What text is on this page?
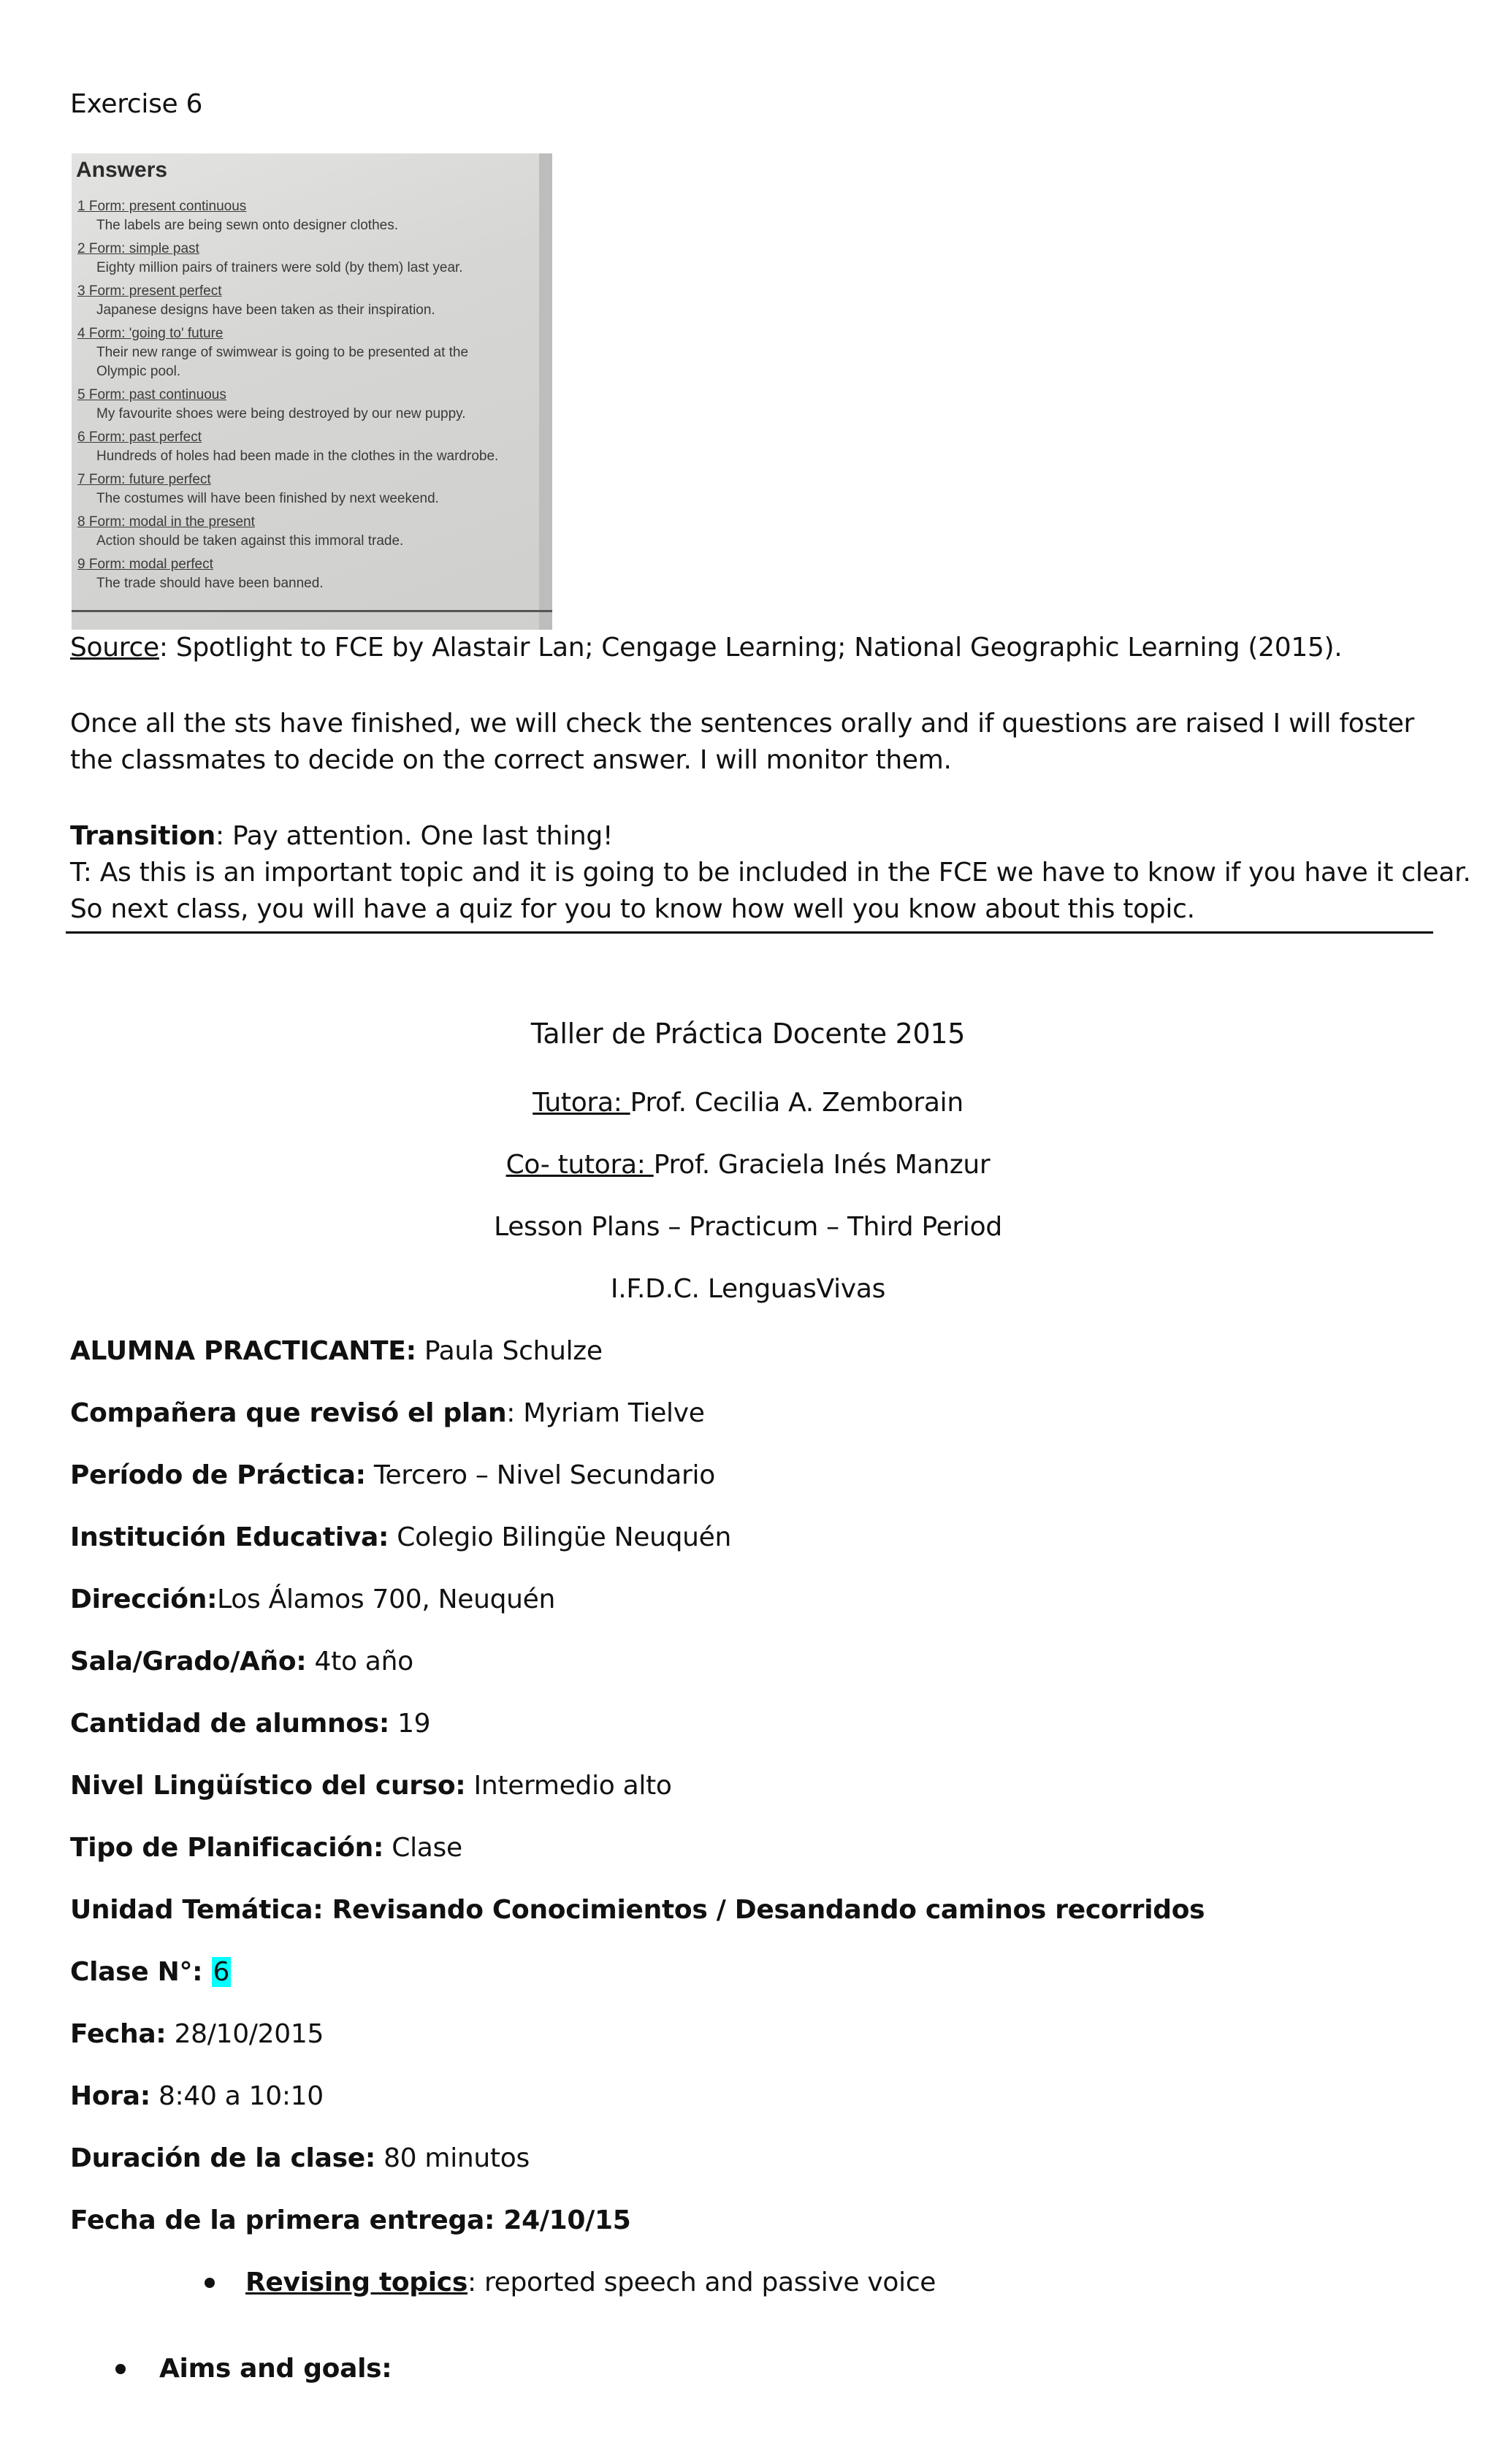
Exercise 6
Answers
1 Form: present continuous
The labels are being sewn onto designer clothes.
2 Form: simple past
Eighty million pairs of trainers were sold (by them) last year.
3 Form: present perfect
Japanese designs have been taken as their inspiration.
4 Form: 'going to' future
Their new range of swimwear is going to be presented at the
Olympic pool.
5 Form: past continuous
My favourite shoes were being destroyed by our new puppy.
6 Form: past perfect
Hundreds of holes had been made in the clothes in the wardrobe.
7 Form: future perfect
The costumes will have been finished by next weekend.
8 Form: modal in the present
Action should be taken against this immoral trade.
9 Form: modal perfect
The trade should have been banned.
Source: Spotlight to FCE by Alastair Lan; Cengage Learning; National Geographic Learning (2015).
Once all the sts have finished, we will check the sentences orally and if questions are raised I will foster
the classmates to decide on the correct answer. I will monitor them.
Transition: Pay attention. One last thing!
T: As this is an important topic and it is going to be included in the FCE we have to know if you have it clear.
So next class, you will have a quiz for you to know how well you know about this topic.
Taller de Práctica Docente 2015
Tutora: Prof. Cecilia A. Zemborain
Co- tutora: Prof. Graciela Inés Manzur
Lesson Plans – Practicum – Third Period
I.F.D.C. LenguasVivas
ALUMNA PRACTICANTE: Paula Schulze
Compañera que revisó el plan: Myriam Tielve
Período de Práctica: Tercero – Nivel Secundario
Institución Educativa: Colegio Bilingüe Neuquén
Dirección:Los Álamos 700, Neuquén
Sala/Grado/Año: 4to año
Cantidad de alumnos: 19
Nivel Lingüístico del curso: Intermedio alto
Tipo de Planificación: Clase
Unidad Temática: Revisando Conocimientos / Desandando caminos recorridos
Clase N°: 6
Fecha: 28/10/2015
Hora: 8:40 a 10:10
Duración de la clase: 80 minutos
Fecha de la primera entrega: 24/10/15
Revising topics: reported speech and passive voice
Aims and goals:
